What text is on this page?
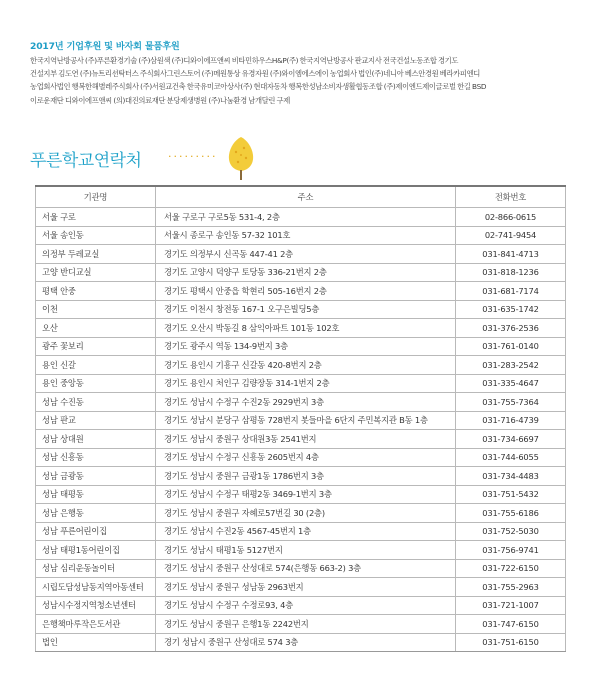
2017년 기업후원 및 바자회 물품후원
한국지역난방공사 (주)푸른환경기술 (주)삼원색 (주)디와이에프앤씨 비타민하우스H&P(주) 한국지역난방공사 판교지사 전국건설노동조합 경기도
건설지부 김도연 (주)뉴트리션탁터스 주식회사그린스토어 (주)메원통상 유경자원 (주)와이엠에스에이 농업회사 법인(주)네니아 베스안경원 베라카피엔디
농업회사법인 행복한해별레주식회사 (주)서원교건축 한국유미코아상사(주) 현대자동차 행복한성남소비자생활협동조합 (주)제이엔드제이글로벌 한길 BSD
이로운재단 디와이에프앤씨 (의)대진의료재단 분당제생병원 (주)나눔환경 남개달린 구제
푸른학교연락처 ·········
기관명	주소	전화번호
서울 구로	서울 구로구 구로5동 531-4, 2층	02-866-0615
서울 송인동	서울시 종로구 송인동 57-32 101호	02-741-9454
의정부 두레교실	경기도 의정부시 신곡동 447-41 2층	031-841-4713
고양 반디교실	경기도 고양시 덕양구 토당동 336-21번지 2층	031-818-1236
평택 안중	경기도 평택시 안중읍 학현리 505-16번지 2층	031-681-7174
이천	경기도 이천시 창전동 167-1 오구은빌딩5층	031-635-1742
오산	경기도 오산시 박동길 8 삼익아파트 101동 102호	031-376-2536
광주 꽃보리	경기도 광주시 역동 134-9번지 3층	031-761-0140
용인 신갈	경기도 용인시 기흥구 신갈동 420-8번지 2층	031-283-2542
용인 중앙동	경기도 용인시 처인구 김량장동 314-1번지 2층	031-335-4647
성남 수진동	경기도 성남시 수정구 수진2동 2929번지 3층	031-755-7364
성남 판교	경기도 성남시 분당구 삼평동 728번지 봇들마을 6단지 주민복지관 B동 1층	031-716-4739
성남 상대원	경기도 성남시 중원구 상대원3동 2541번지	031-734-6697
성남 신흥동	경기도 성남시 수정구 신흥동 2605번지 4층	031-744-6055
성남 금광동	경기도 성남시 중원구 금광1동 1786번지 3층	031-734-4483
성남 태평동	경기도 성남시 수정구 태평2동 3469-1번지 3층	031-751-5432
성남 은행동	경기도 성남시 중원구 자혜로57번길 30 (2층)	031-755-6186
성남 푸른어린이집	경기도 성남시 수진2동 4567-45번지 1층	031-752-5030
성남 태평1동어린이집	경기도 성남시 태평1동 5127번지	031-756-9741
성남 심리운동놀이터	경기도 성남시 중원구 산성대로 574(은행동 663-2) 3층	031-722-6150
시립도담성남동지역아동센터	경기도 성남시 중원구 성남동 2963번지	031-755-2963
성남시수정지역청소년센터	경기도 성남시 수정구 수정로93, 4층	031-721-1007
은행책마루작은도서관	경기도 성남시 중원구 은행1동 2242번지	031-747-6150
법인	경기 성남시 중원구 산성대로 574 3층	031-751-6150
